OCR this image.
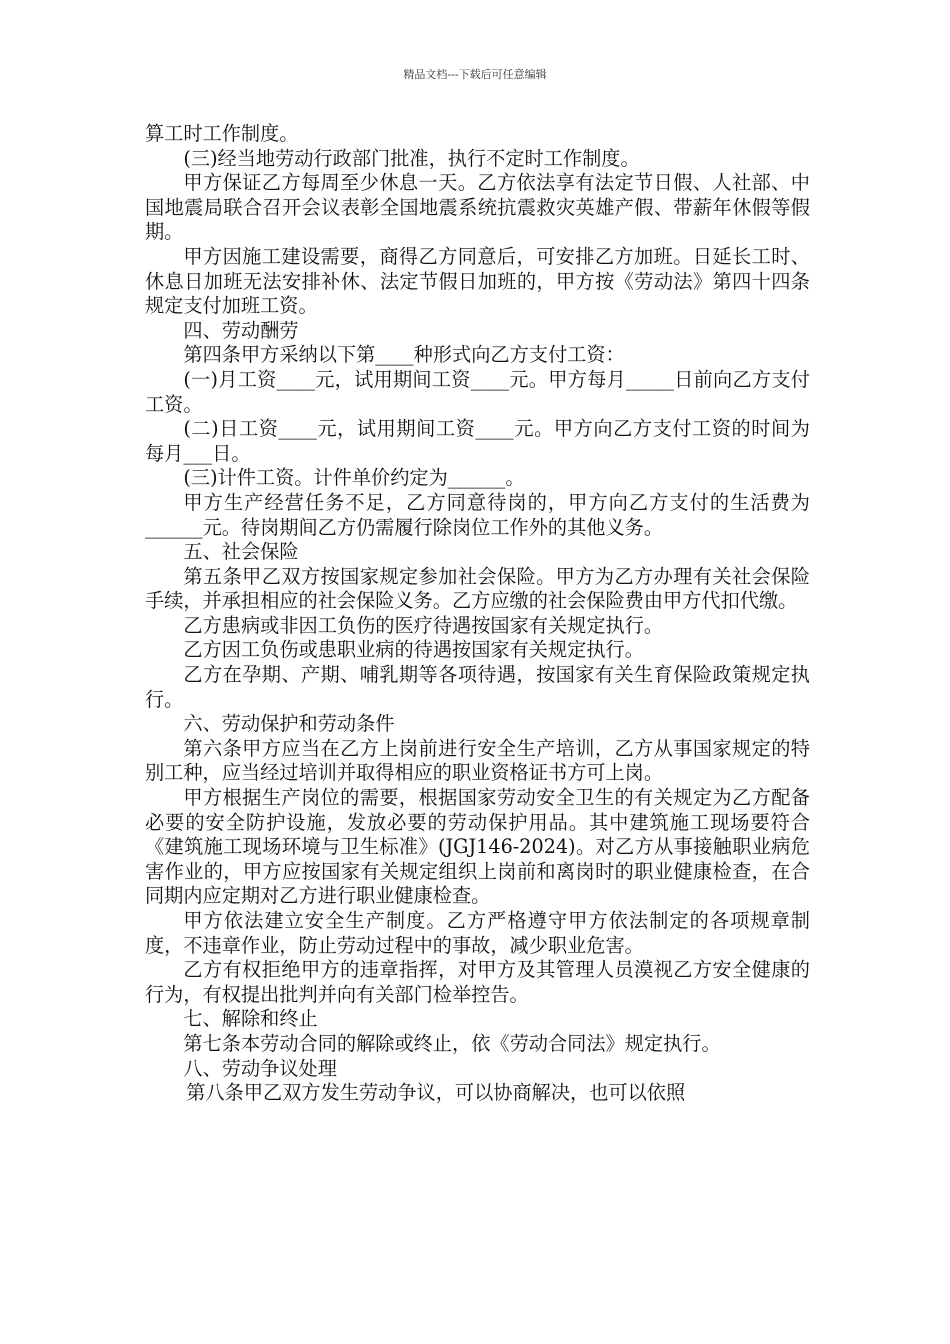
精品文档---下载后可任意编辑

算工时工作制度。

(三)经当地劳动行政部门批准，执行不定时工作制度。

甲方保证乙方每周至少休息一天。乙方依法享有法定节日假、人社部、中国地震局联合召开会议表彰全国地震系统抗震救灾英雄产假、带薪年休假等假期。

甲方因施工建设需要，商得乙方同意后，可安排乙方加班。日延长工时、休息日加班无法安排补休、法定节假日加班的，甲方按《劳动法》第四十四条规定支付加班工资。

四、劳动酬劳

第四条甲方采纳以下第____种形式向乙方支付工资：

(一)月工资____元，试用期间工资____元。甲方每月_____日前向乙方支付工资。

(二)日工资____元，试用期间工资____元。甲方向乙方支付工资的时间为每月___日。

(三)计件工资。计件单价约定为______。

甲方生产经营任务不足，乙方同意待岗的，甲方向乙方支付的生活费为______元。待岗期间乙方仍需履行除岗位工作外的其他义务。

五、社会保险

第五条甲乙双方按国家规定参加社会保险。甲方为乙方办理有关社会保险手续，并承担相应的社会保险义务。乙方应缴的社会保险费由甲方代扣代缴。

乙方患病或非因工负伤的医疗待遇按国家有关规定执行。

乙方因工负伤或患职业病的待遇按国家有关规定执行。

乙方在孕期、产期、哺乳期等各项待遇，按国家有关生育保险政策规定执行。

六、劳动保护和劳动条件

第六条甲方应当在乙方上岗前进行安全生产培训，乙方从事国家规定的特别工种，应当经过培训并取得相应的职业资格证书方可上岗。

甲方根据生产岗位的需要，根据国家劳动安全卫生的有关规定为乙方配备必要的安全防护设施，发放必要的劳动保护用品。其中建筑施工现场要符合《建筑施工现场环境与卫生标准》(JGJ146-2024)。对乙方从事接触职业病危害作业的，甲方应按国家有关规定组织上岗前和离岗时的职业健康检查，在合同期内应定期对乙方进行职业健康检查。

甲方依法建立安全生产制度。乙方严格遵守甲方依法制定的各项规章制度，不违章作业，防止劳动过程中的事故，减少职业危害。

乙方有权拒绝甲方的违章指挥，对甲方及其管理人员漠视乙方安全健康的行为，有权提出批判并向有关部门检举控告。

七、解除和终止

第七条本劳动合同的解除或终止，依《劳动合同法》规定执行。

八、劳动争议处理

第八条甲乙双方发生劳动争议，可以协商解决，也可以依照
